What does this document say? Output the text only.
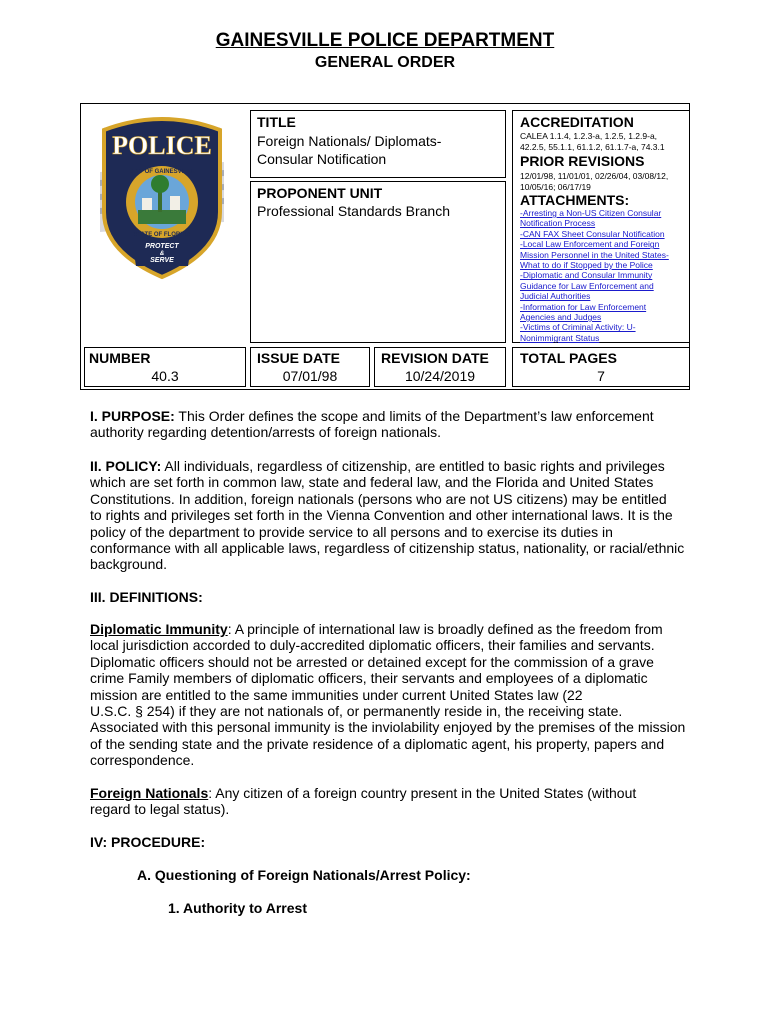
GAINESVILLE POLICE DEPARTMENT
GENERAL ORDER
POLICE
CITY OF GAINESVILLE
STATE OF FLORIDA
PROTECT
&
SERVE
TITLE
Foreign Nationals/ Diplomats-
Consular Notification
PROPONENT UNIT
Professional Standards Branch
ACCREDITATION
CALEA 1.1.4, 1.2.3-a, 1.2.5, 1.2.9-a,
42.2.5, 55.1.1, 61.1.2, 61.1.7-a, 74.3.1
PRIOR REVISIONS
12/01/98, 11/01/01, 02/26/04, 03/08/12,
10/05/16; 06/17/19
ATTACHMENTS:
-Arresting a Non-US Citizen Consular
Notification Process
-CAN FAX Sheet Consular Notification
-Local Law Enforcement and Foreign
Mission Personnel in the United States-
What to do if Stopped by the Police
-Diplomatic and Consular Immunity
Guidance for Law Enforcement and
Judicial Authorities
-Information for Law Enforcement
Agencies and Judges
-Victims of Criminal Activity: U-
Nonimmigrant Status
NUMBER
40.3
ISSUE DATE
07/01/98
REVISION DATE
10/24/2019
TOTAL PAGES
7
I. PURPOSE: This Order defines the scope and limits of the Department’s law enforcement
authority regarding detention/arrests of foreign nationals.
II. POLICY: All individuals, regardless of citizenship, are entitled to basic rights and privileges
which are set forth in common law, state and federal law, and the Florida and United States
Constitutions. In addition, foreign nationals (persons who are not US citizens) may be entitled
to rights and privileges set forth in the Vienna Convention and other international laws. It is the
policy of the department to provide service to all persons and to exercise its duties in
conformance with all applicable laws, regardless of citizenship status, nationality, or racial/ethnic
background.
III. DEFINITIONS:
Diplomatic Immunity: A principle of international law is broadly defined as the freedom from
local jurisdiction accorded to duly-accredited diplomatic officers, their families and servants.
Diplomatic officers should not be arrested or detained except for the commission of a grave
crime Family members of diplomatic officers, their servants and employees of a diplomatic
mission are entitled to the same immunities under current United States law (22
U.S.C. § 254) if they are not nationals of, or permanently reside in, the receiving state.
Associated with this personal immunity is the inviolability enjoyed by the premises of the mission
of the sending state and the private residence of a diplomatic agent, his property, papers and
correspondence.
Foreign Nationals: Any citizen of a foreign country present in the United States (without
regard to legal status).
IV: PROCEDURE:
A. Questioning of Foreign Nationals/Arrest Policy:
1. Authority to Arrest
